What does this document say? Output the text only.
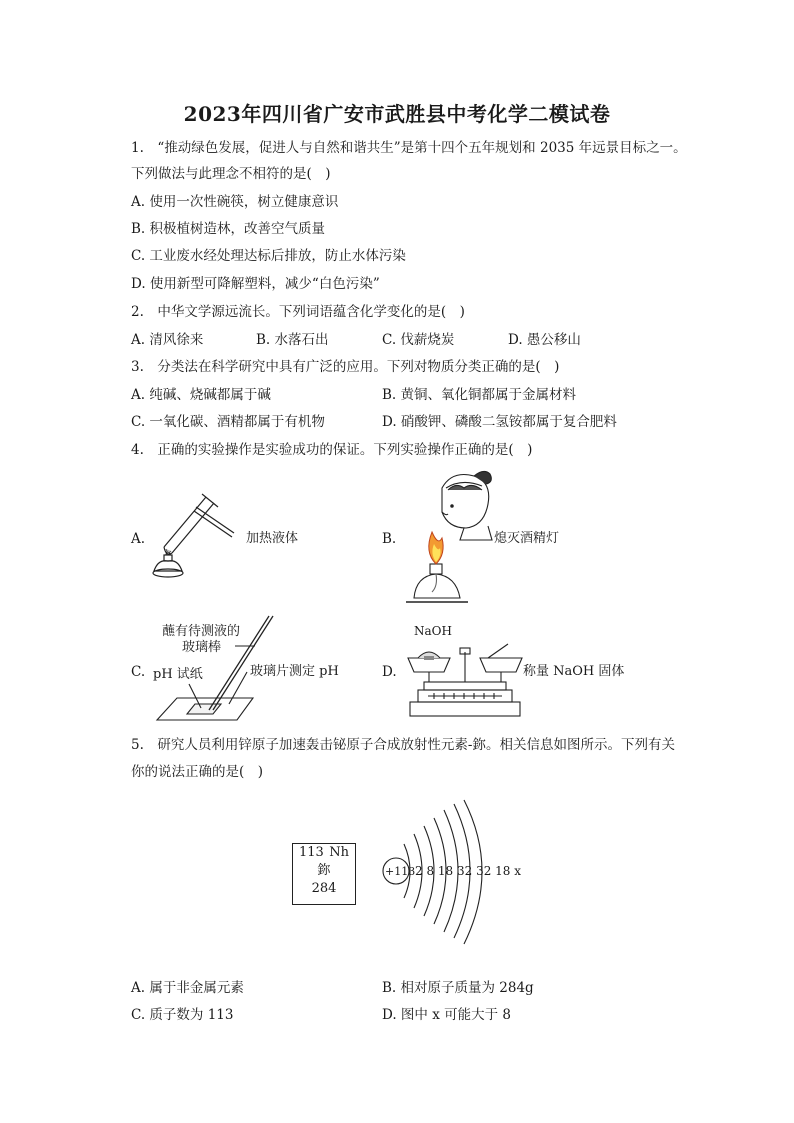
2023年四川省广安市武胜县中考化学二模试卷
1.　“推动绿色发展，促进人与自然和谐共生”是第十四个五年规划和 2035 年远景目标之一。
下列做法与此理念不相符的是(　)
A. 使用一次性碗筷，树立健康意识
B. 积极植树造林，改善空气质量
C. 工业废水经处理达标后排放，防止水体污染
D. 使用新型可降解塑料，减少“白色污染”
2.　中华文学源远流长。下列词语蕴含化学变化的是(　)
A. 清风徐来	B. 水落石出	C. 伐薪烧炭	D. 愚公移山
3.　分类法在科学研究中具有广泛的应用。下列对物质分类正确的是(　)
A. 纯碱、烧碱都属于碱	B. 黄铜、氧化铜都属于金属材料
C. 一氧化碳、酒精都属于有机物	D. 硝酸钾、磷酸二氢铵都属于复合肥料
4.　正确的实验操作是实验成功的保证。下列实验操作正确的是(　)
A.	加热液体	B.	熄灭酒精灯
C.
蘸有待测液的
玻璃棒
pH 试纸	玻璃片测定 pH	D.
NaOH
称量 NaOH 固体
5.　研究人员利用锌原子加速轰击铋原子合成放射性元素-鉨。相关信息如图所示。下列有关
你的说法正确的是(　)
113 Nh
鉨
284
+113 2 8 18 32 32 18 x
A. 属于非金属元素	B. 相对原子质量为 284g
C. 质子数为 113	D. 图中 x 可能大于 8
